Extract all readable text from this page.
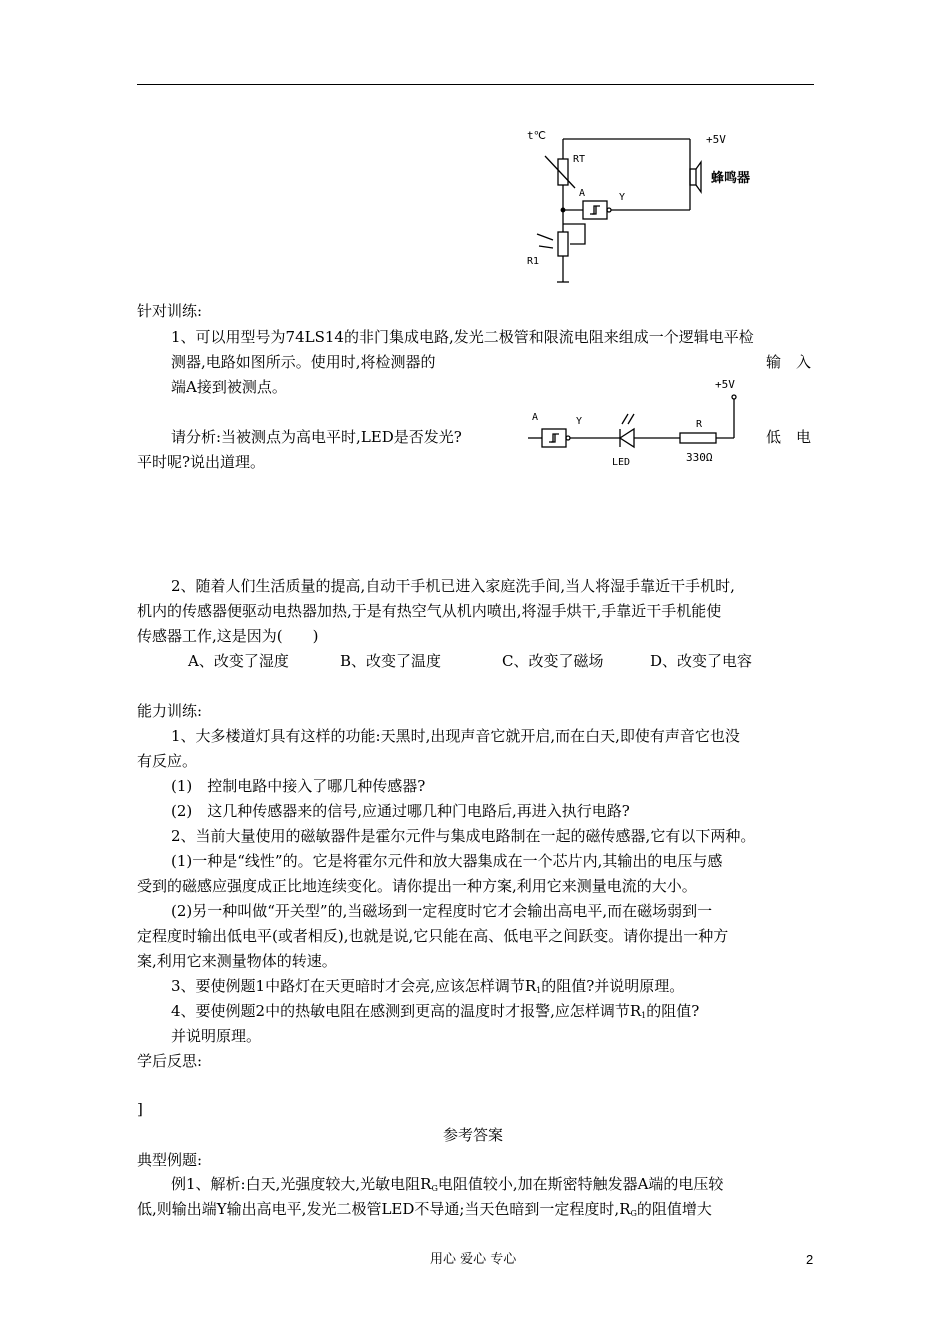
t℃
RT
A	Y
+5V
蜂鸣器
R1
针对训练:
1、可以用型号为74LS14的非门集成电路,发光二极管和限流电阻来组成一个逻辑电平检
测器,电路如图所示。使用时,将检测器的	输　入
端A接到被测点。	+5V
A	Y	R
330Ω
LED
请分析:当被测点为高电平时,LED是否发光?	低　电
平时呢?说出道理。
2、随着人们生活质量的提高,自动干手机已进入家庭洗手间,当人将湿手靠近干手机时,
机内的传感器便驱动电热器加热,于是有热空气从机内喷出,将湿手烘干,手靠近干手机能使
传感器工作,这是因为(　　)
A、改变了湿度	B、改变了温度	C、改变了磁场	D、改变了电容
能力训练:
1、大多楼道灯具有这样的功能:天黑时,出现声音它就开启,而在白天,即使有声音它也没
有反应。
(1)　控制电路中接入了哪几种传感器?
(2)　这几种传感器来的信号,应通过哪几种门电路后,再进入执行电路?
2、当前大量使用的磁敏器件是霍尔元件与集成电路制在一起的磁传感器,它有以下两种。
(1)一种是“线性”的。它是将霍尔元件和放大器集成在一个芯片内,其输出的电压与感
受到的磁感应强度成正比地连续变化。请你提出一种方案,利用它来测量电流的大小。
(2)另一种叫做“开关型”的,当磁场到一定程度时它才会输出高电平,而在磁场弱到一
定程度时输出低电平(或者相反),也就是说,它只能在高、低电平之间跃变。请你提出一种方
案,利用它来测量物体的转速。
3、要使例题1中路灯在天更暗时才会亮,应该怎样调节$R_1$的阻值?并说明原理。
4、要使例题2中的热敏电阻在感测到更高的温度时才报警,应怎样调节$R_1$的阻值?
并说明原理。
学后反思:
]
参考答案
典型例题:
例1、解析:白天,光强度较大,光敏电阻$R_G$电阻值较小,加在斯密特触发器A端的电压较
低,则输出端Y输出高电平,发光二极管LED不导通;当天色暗到一定程度时$,R_G$的阻值增大
用心 爱心 专心	2
